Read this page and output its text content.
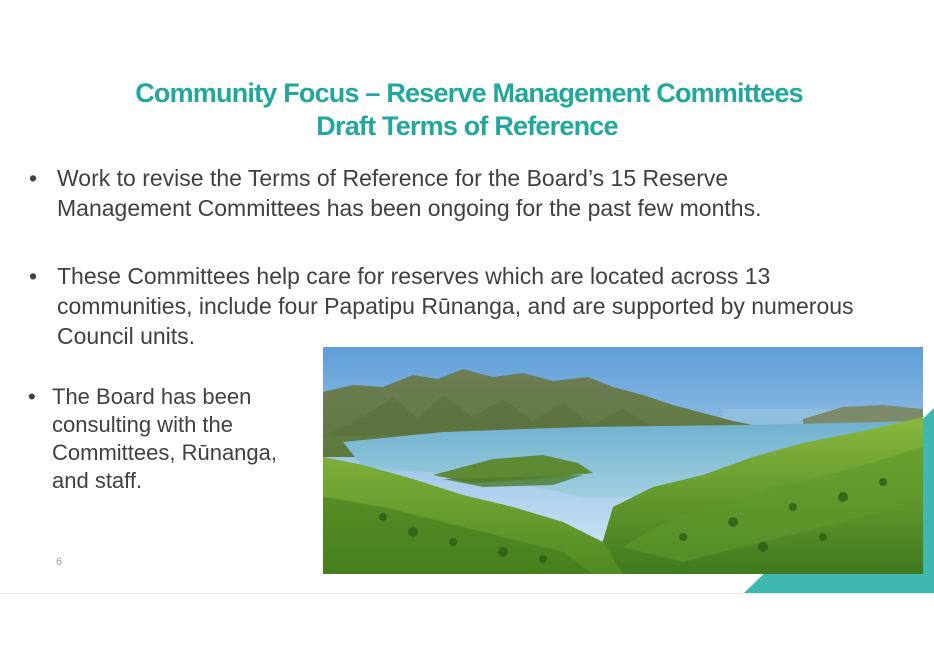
Community Focus – Reserve Management Committees
Draft Terms of Reference
• Work to revise the Terms of Reference for the Board’s 15 Reserve Management Committees has been ongoing for the past few months.
• These Committees help care for reserves which are located across 13 communities, include four Papatipu Rūnanga, and are supported by numerous Council units.
• The Board has been consulting with the Committees, Rūnanga, and staff.
6
